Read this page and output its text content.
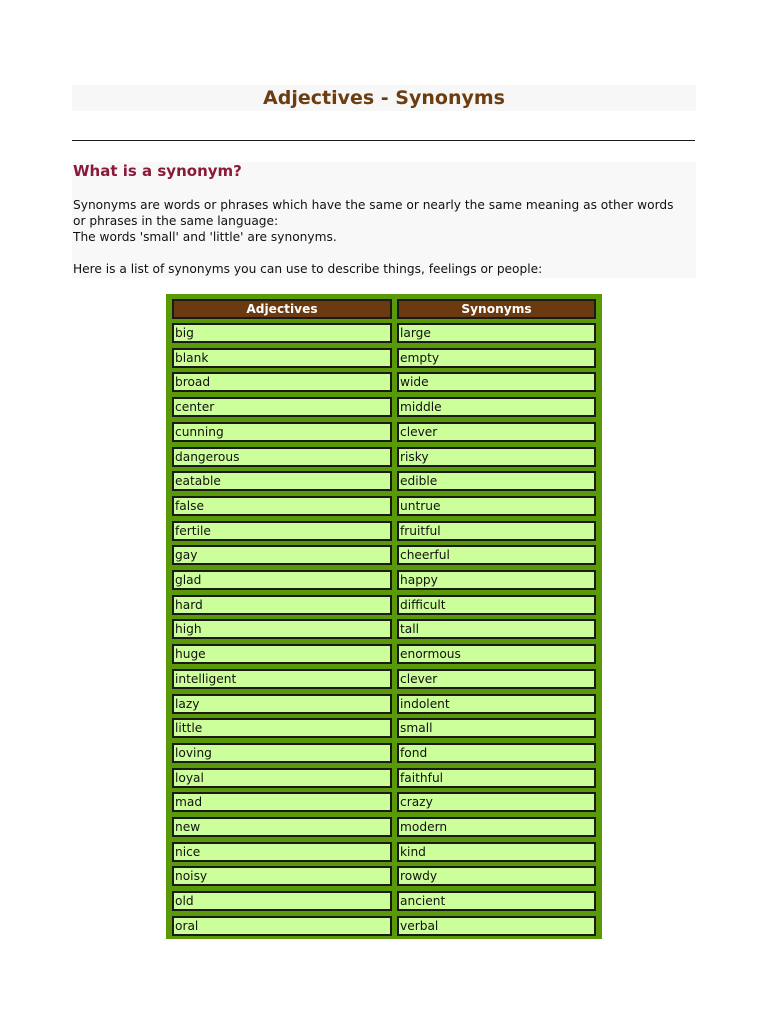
Adjectives - Synonyms
What is a synonym?
Synonyms are words or phrases which have the same or nearly the same meaning as other words
or phrases in the same language:
The words 'small' and 'little' are synonyms.
Here is a list of synonyms you can use to describe things, feelings or people:
Adjectives	Synonyms
big	large
blank	empty
broad	wide
center	middle
cunning	clever
dangerous	risky
eatable	edible
false	untrue
fertile	fruitful
gay	cheerful
glad	happy
hard	difficult
high	tall
huge	enormous
intelligent	clever
lazy	indolent
little	small
loving	fond
loyal	faithful
mad	crazy
new	modern
nice	kind
noisy	rowdy
old	ancient
oral	verbal
